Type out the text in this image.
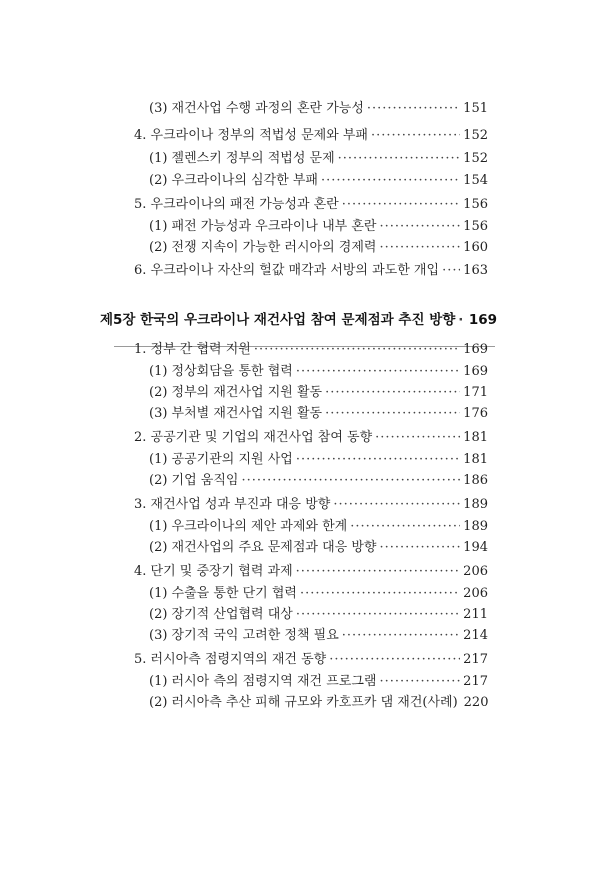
(3) 재건사업 수행 과정의 혼란 가능성 ·····	151
4. 우크라이나 정부의 적법성 문제와 부패 ·····	152
(1) 젤렌스키 정부의 적법성 문제 ·····	152
(2) 우크라이나의 심각한 부패 ·····	154
5. 우크라이나의 패전 가능성과 혼란 ·····	156
(1) 패전 가능성과 우크라이나 내부 혼란 ·····	156
(2) 전쟁 지속이 가능한 러시아의 경제력 ·····	160
6. 우크라이나 자산의 헐값 매각과 서방의 과도한 개입 ····· 163
제5장 한국의 우크라이나 재건사업 참여 문제점과 추진 방향 ····· 169
1. 정부 간 협력 지원 ·····	169
(1) 정상회담을 통한 협력 ·····	169
(2) 정부의 재건사업 지원 활동 ·····	171
(3) 부처별 재건사업 지원 활동 ·····	176
2. 공공기관 및 기업의 재건사업 참여 동향 ·····	181
(1) 공공기관의 지원 사업 ·····	181
(2) 기업 움직임 ·····	186
3. 재건사업 성과 부진과 대응 방향 ·····	189
(1) 우크라이나의 제안 과제와 한계 ·····	189
(2) 재건사업의 주요 문제점과 대응 방향 ·····	194
4. 단기 및 중장기 협력 과제 ·····	206
(1) 수출을 통한 단기 협력 ·····	206
(2) 장기적 산업협력 대상 ·····	211
(3) 장기적 국익 고려한 정책 필요 ·····	214
5. 러시아측 점령지역의 재건 동향 ·····	217
(1) 러시아 측의 점령지역 재건 프로그램 ·····	217
(2) 러시아측 추산 피해 규모와 카호프카 댐 재건(사례) 220
